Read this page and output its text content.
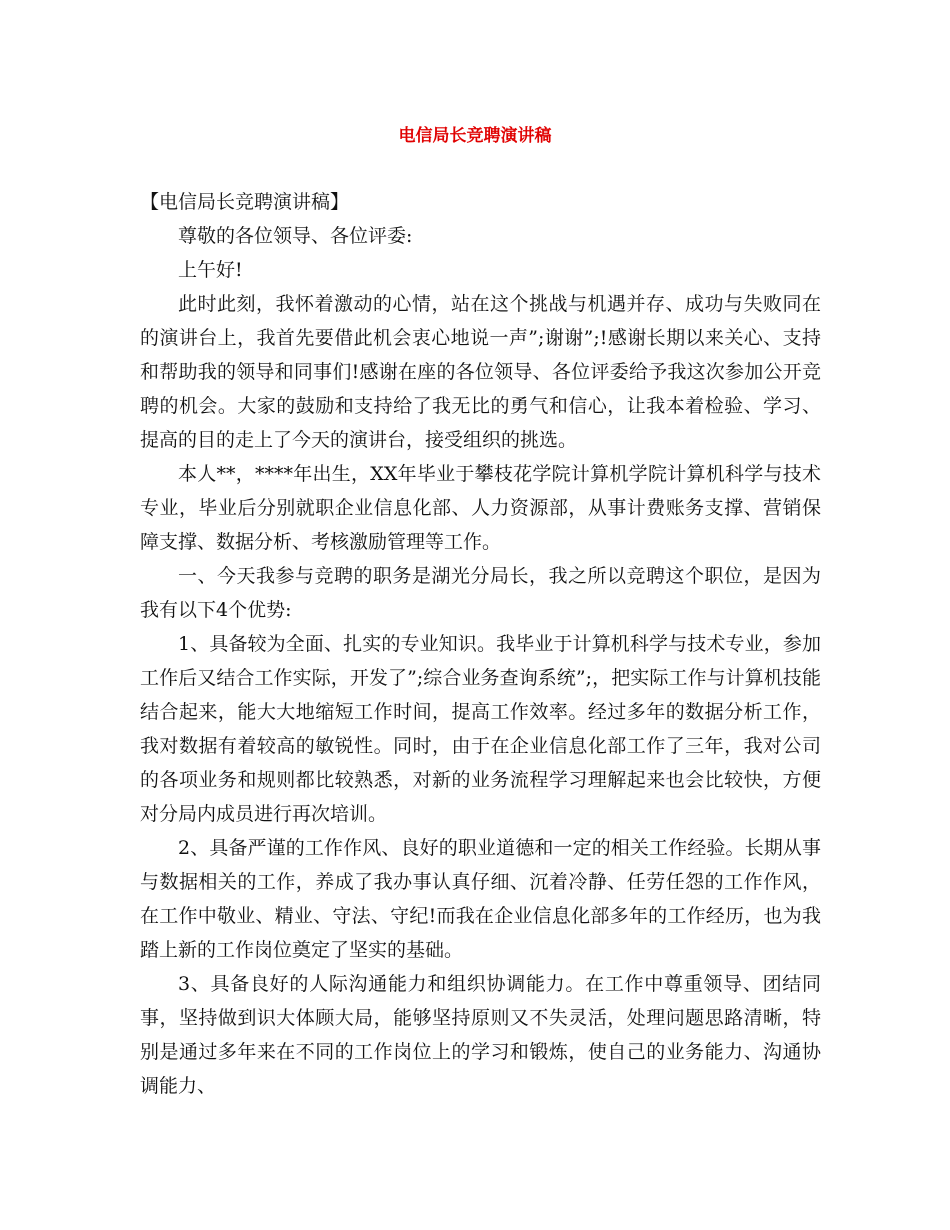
电信局长竞聘演讲稿

【电信局长竞聘演讲稿】

尊敬的各位领导、各位评委:

上午好!

此时此刻，我怀着激动的心情，站在这个挑战与机遇并存、成功与失败同在的演讲台上，我首先要借此机会衷心地说一声”;谢谢”;!感谢长期以来关心、支持和帮助我的领导和同事们!感谢在座的各位领导、各位评委给予我这次参加公开竞聘的机会。大家的鼓励和支持给了我无比的勇气和信心，让我本着检验、学习、提高的目的走上了今天的演讲台，接受组织的挑选。

本人**，****年出生，XX年毕业于攀枝花学院计算机学院计算机科学与技术专业，毕业后分别就职企业信息化部、人力资源部，从事计费账务支撑、营销保障支撑、数据分析、考核激励管理等工作。

一、今天我参与竞聘的职务是湖光分局长，我之所以竞聘这个职位，是因为我有以下4个优势:

1、具备较为全面、扎实的专业知识。我毕业于计算机科学与技术专业，参加工作后又结合工作实际，开发了”;综合业务查询系统”;，把实际工作与计算机技能结合起来，能大大地缩短工作时间，提高工作效率。经过多年的数据分析工作，我对数据有着较高的敏锐性。同时，由于在企业信息化部工作了三年，我对公司的各项业务和规则都比较熟悉，对新的业务流程学习理解起来也会比较快，方便对分局内成员进行再次培训。

2、具备严谨的工作作风、良好的职业道德和一定的相关工作经验。长期从事与数据相关的工作，养成了我办事认真仔细、沉着冷静、任劳任怨的工作作风，在工作中敬业、精业、守法、守纪!而我在企业信息化部多年的工作经历，也为我踏上新的工作岗位奠定了坚实的基础。

3、具备良好的人际沟通能力和组织协调能力。在工作中尊重领导、团结同事，坚持做到识大体顾大局，能够坚持原则又不失灵活，处理问题思路清晰，特别是通过多年来在不同的工作岗位上的学习和锻炼，使自己的业务能力、沟通协调能力、
